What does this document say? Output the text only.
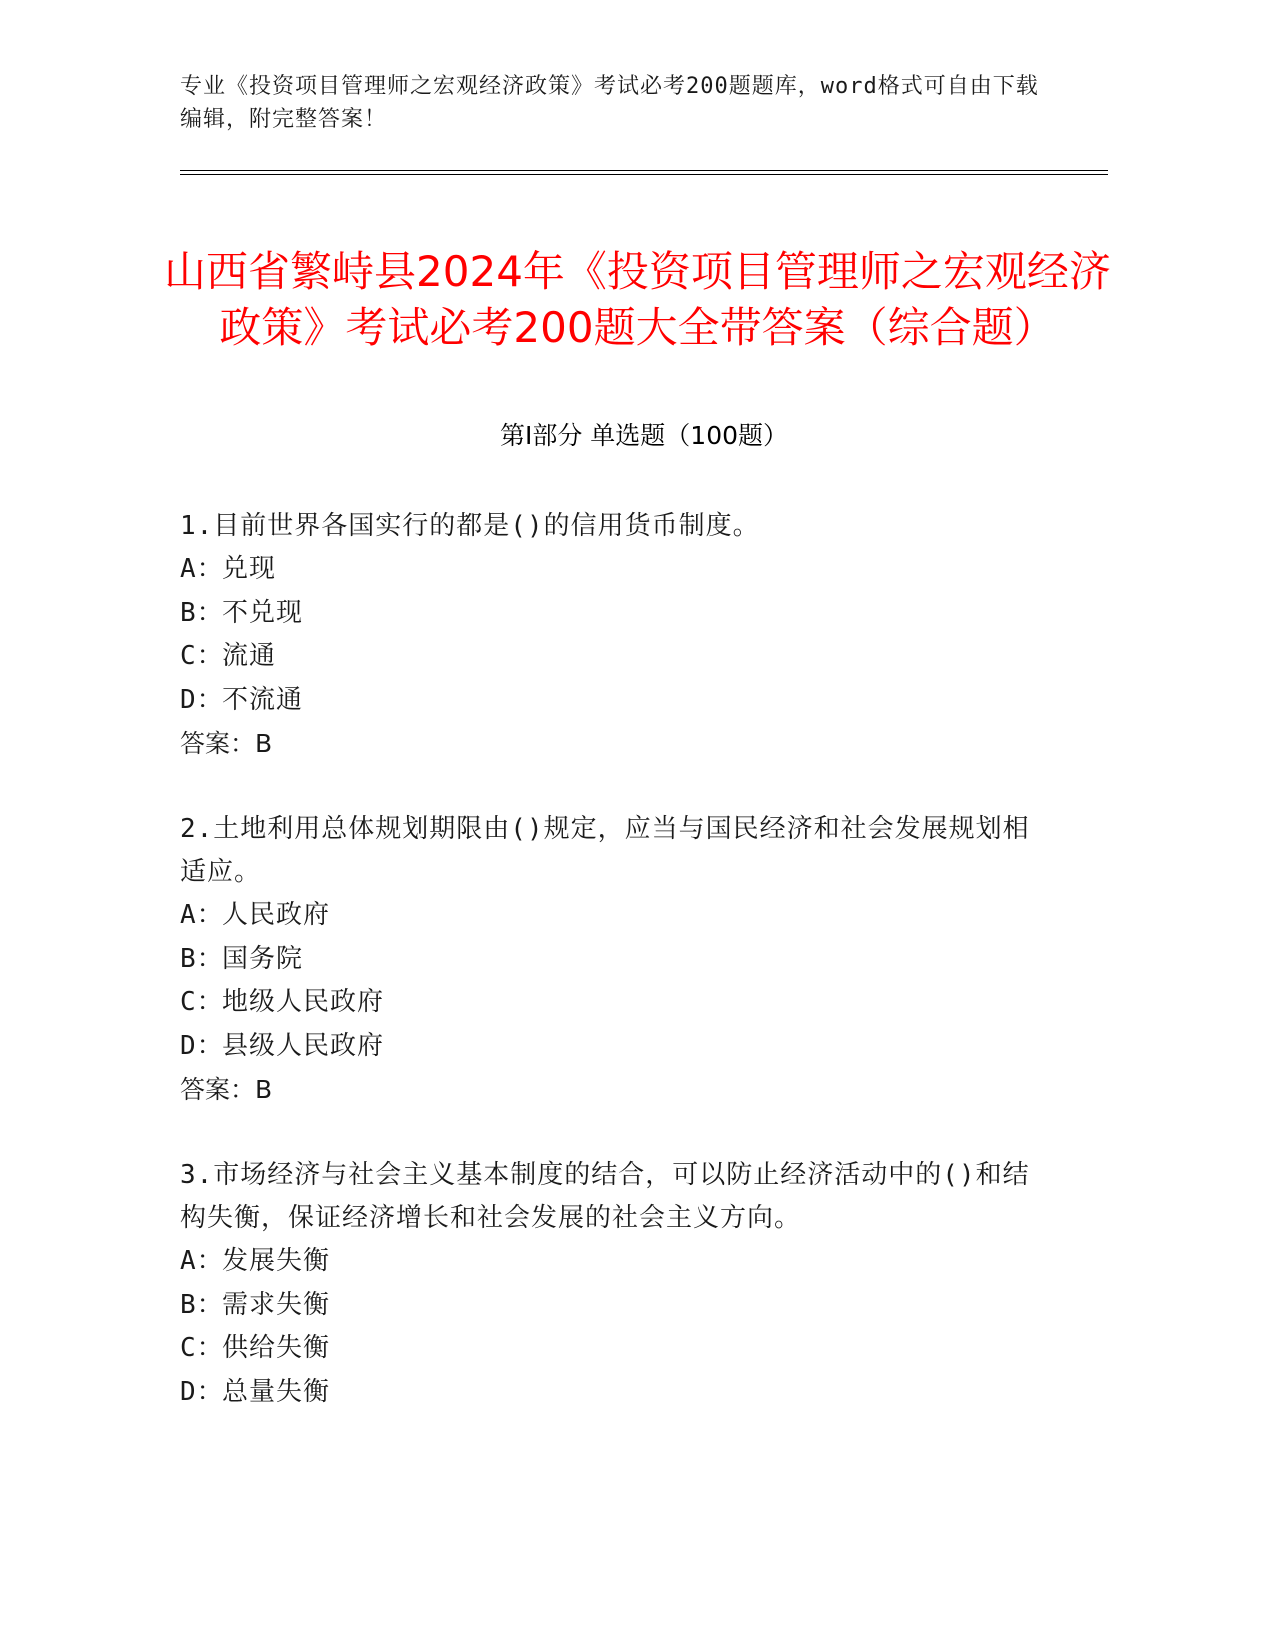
专业《投资项目管理师之宏观经济政策》考试必考200题题库，word格式可自由下载编辑，附完整答案！
山西省繁峙县2024年《投资项目管理师之宏观经济政策》考试必考200题大全带答案（综合题）
第Ⅰ部分 单选题（100题）

1.目前世界各国实行的都是()的信用货币制度。

A：
兑现
B：
不兑现
C：
流通
D：
不流通
答案：B

2.土地利用总体规划期限由()规定，应当与国民经济和社会发展规划相适应。

A：
人民政府
B：
国务院
C：
地级人民政府
D：
县级人民政府
答案：B

3.市场经济与社会主义基本制度的结合，可以防止经济活动中的()和结构失衡，保证经济增长和社会发展的社会主义方向。

A：
发展失衡
B：
需求失衡
C：
供给失衡
D：
总量失衡
